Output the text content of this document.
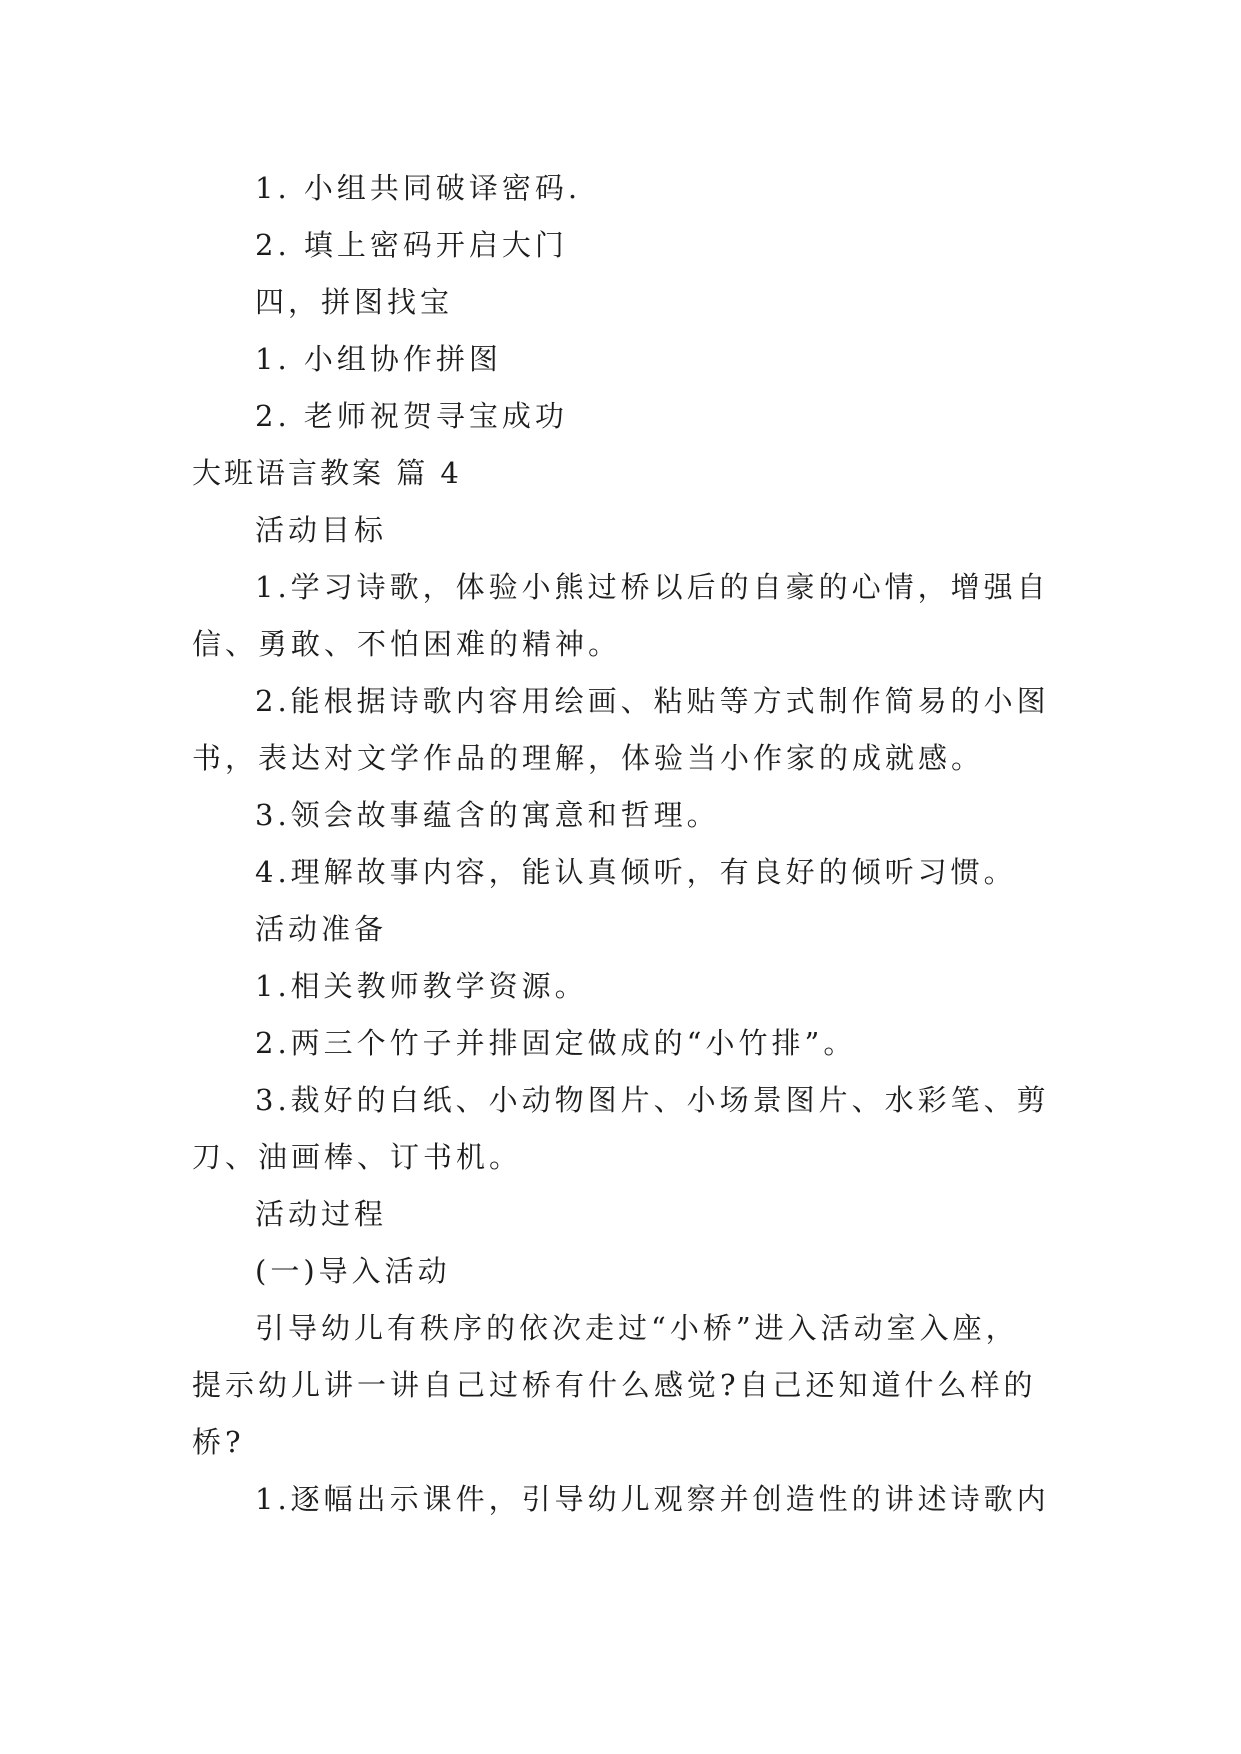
1. 小组共同破译密码.
2. 填上密码开启大门
四，拼图找宝
1. 小组协作拼图
2. 老师祝贺寻宝成功
大班语言教案 篇 4
活动目标
1.学习诗歌，体验小熊过桥以后的自豪的心情，增强自
信、勇敢、不怕困难的精神。
2.能根据诗歌内容用绘画、粘贴等方式制作简易的小图
书，表达对文学作品的理解，体验当小作家的成就感。
3.领会故事蕴含的寓意和哲理。
4.理解故事内容，能认真倾听，有良好的倾听习惯。
活动准备
1.相关教师教学资源。
2.两三个竹子并排固定做成的“小竹排”。
3.裁好的白纸、小动物图片、小场景图片、水彩笔、剪
刀、油画棒、订书机。
活动过程
(一)导入活动
引导幼儿有秩序的依次走过“小桥”进入活动室入座，
提示幼儿讲一讲自己过桥有什么感觉?自己还知道什么样的
桥?
1.逐幅出示课件，引导幼儿观察并创造性的讲述诗歌内
